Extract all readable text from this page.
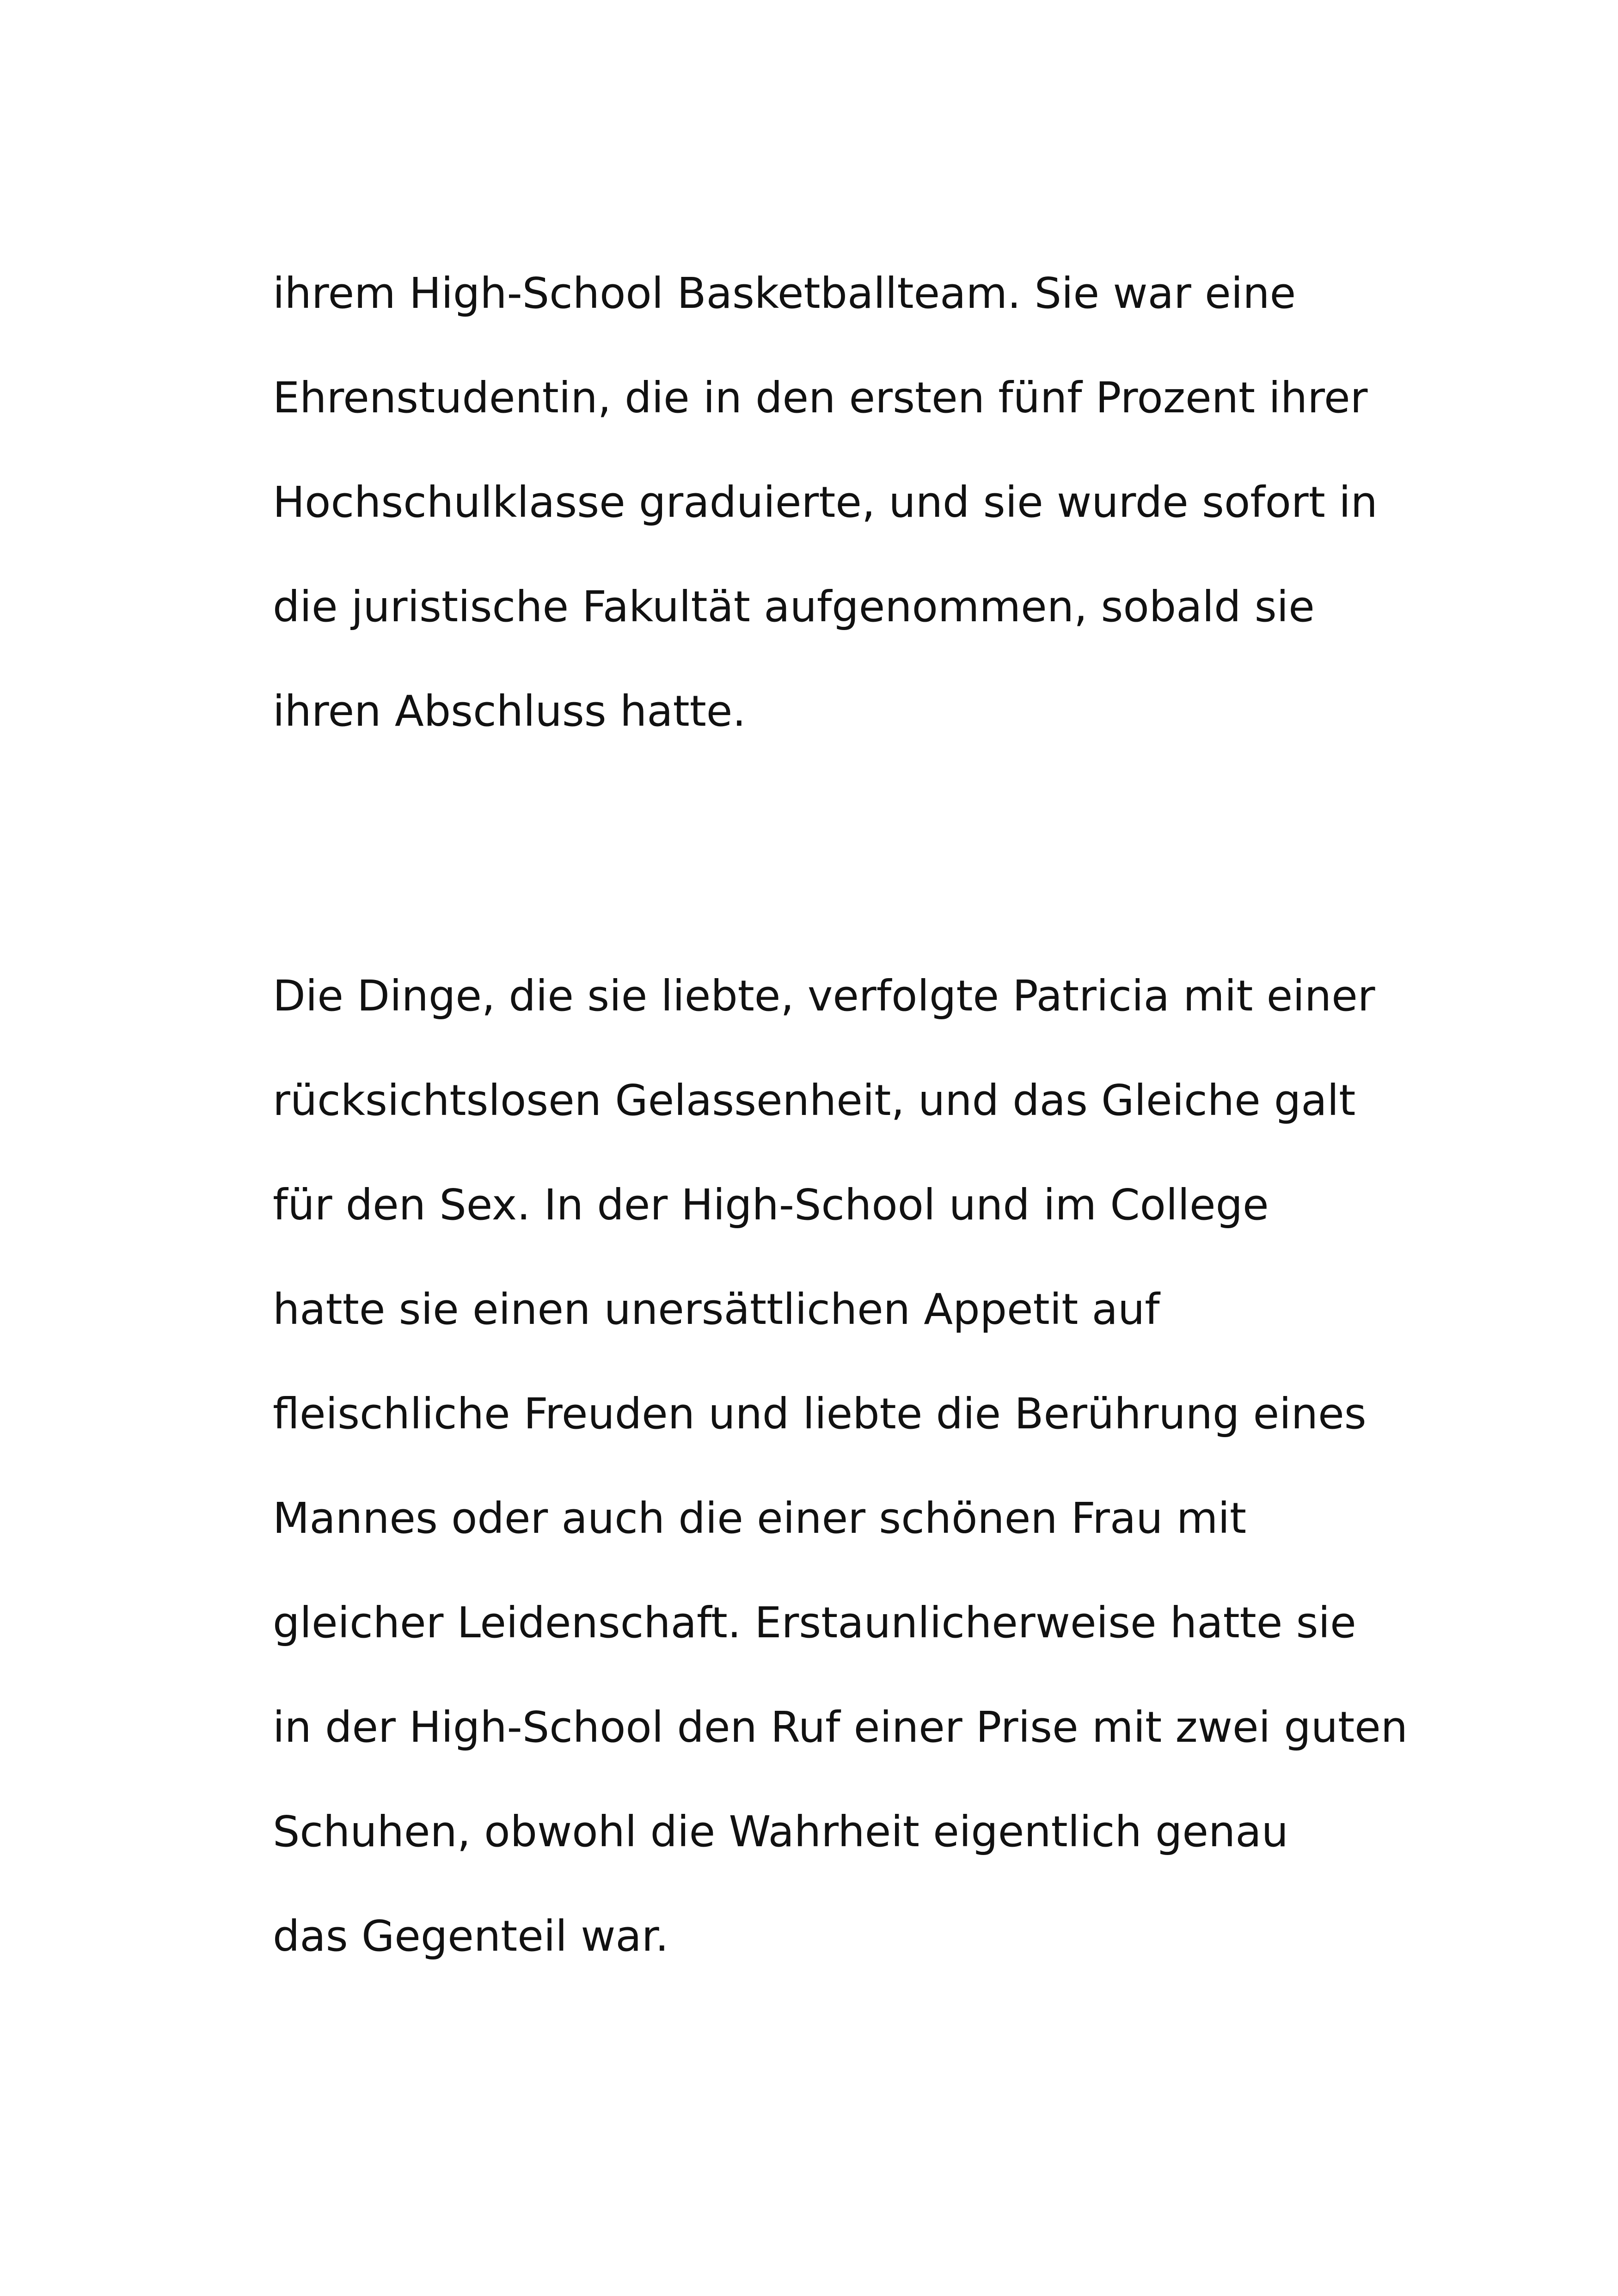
ihrem High-School Basketballteam. Sie war eine
Ehrenstudentin, die in den ersten fünf Prozent ihrer
Hochschulklasse graduierte, und sie wurde sofort in
die juristische Fakultät aufgenommen, sobald sie
ihren Abschluss hatte.
Die Dinge, die sie liebte, verfolgte Patricia mit einer
rücksichtslosen Gelassenheit, und das Gleiche galt
für den Sex. In der High-School und im College
hatte sie einen unersättlichen Appetit auf
fleischliche Freuden und liebte die Berührung eines
Mannes oder auch die einer schönen Frau mit
gleicher Leidenschaft. Erstaunlicherweise hatte sie
in der High-School den Ruf einer Prise mit zwei guten
Schuhen, obwohl die Wahrheit eigentlich genau
das Gegenteil war.
